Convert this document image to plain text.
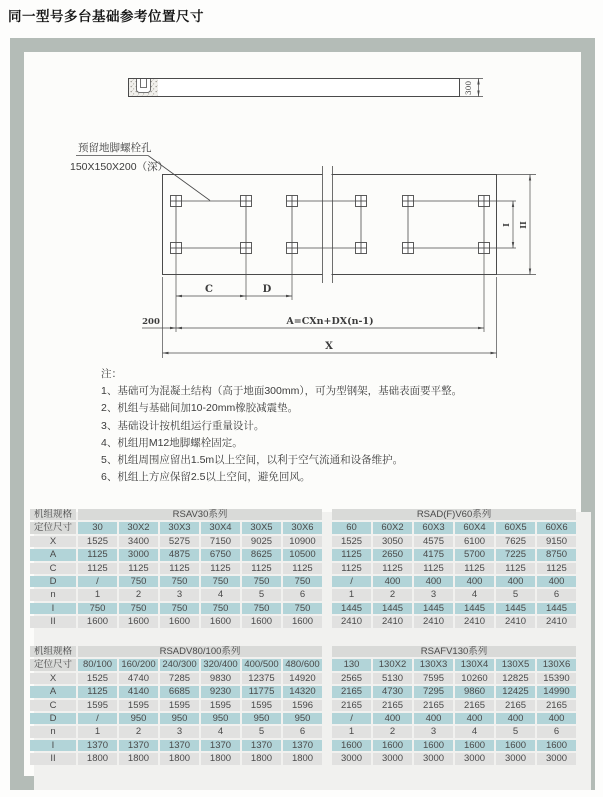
同一型号多台基础参考位置尺寸
300
预留地脚螺栓孔
150X150X200（深）
I II
C	D
200	A=CXn+DX(n-1)
X
注：
1、基础可为混凝土结构（高于地面300mm），可为型钢架，基础表面要平整。
2、机组与基础间加10-20mm橡胶减震垫。
3、基础设计按机组运行重量设计。
4、机组用M12地脚螺栓固定。
5、机组周围应留出1.5m以上空间，以利于空气流通和设备维护。
6、机组上方应保留2.5以上空间，避免回风。
机组规格	RSAV30系列							RSAD(F)V60系列					
定位尺寸	30	30X2	30X3	30X4	30X5	30X6		60	60X2	60X3	60X4	60X5	60X6
X	1525	3400	5275	7150	9025	10900		1525	3050	4575	6100	7625	9150
A	1125	3000	4875	6750	8625	10500		1125	2650	4175	5700	7225	8750
C	1125	1125	1125	1125	1125	1125		1125	1125	1125	1125	1125	1125
D	/	750	750	750	750	750		/	400	400	400	400	400
n	1	2	3	4	5	6		1	2	3	4	5	6
I	750	750	750	750	750	750		1445	1445	1445	1445	1445	1445
II	1600	1600	1600	1600	1600	1600		2410	2410	2410	2410	2410	2410
机组规格	RSADV80/100系列							RSAFV130系列					
定位尺寸	80/100	160/200	240/300	320/400	400/500	480/600		130	130X2	130X3	130X4	130X5	130X6
X	1525	4740	7285	9830	12375	14920		2565	5130	7595	10260	12825	15390
A	1125	4140	6685	9230	11775	14320		2165	4730	7295	9860	12425	14990
C	1595	1595	1595	1595	1595	1596		2165	2165	2165	2165	2165	2165
D	/	950	950	950	950	950		/	400	400	400	400	400
n	1	2	3	4	5	6		1	2	3	4	5	6
I	1370	1370	1370	1370	1370	1370		1600	1600	1600	1600	1600	1600
II	1800	1800	1800	1800	1800	1800		3000	3000	3000	3000	3000	3000
